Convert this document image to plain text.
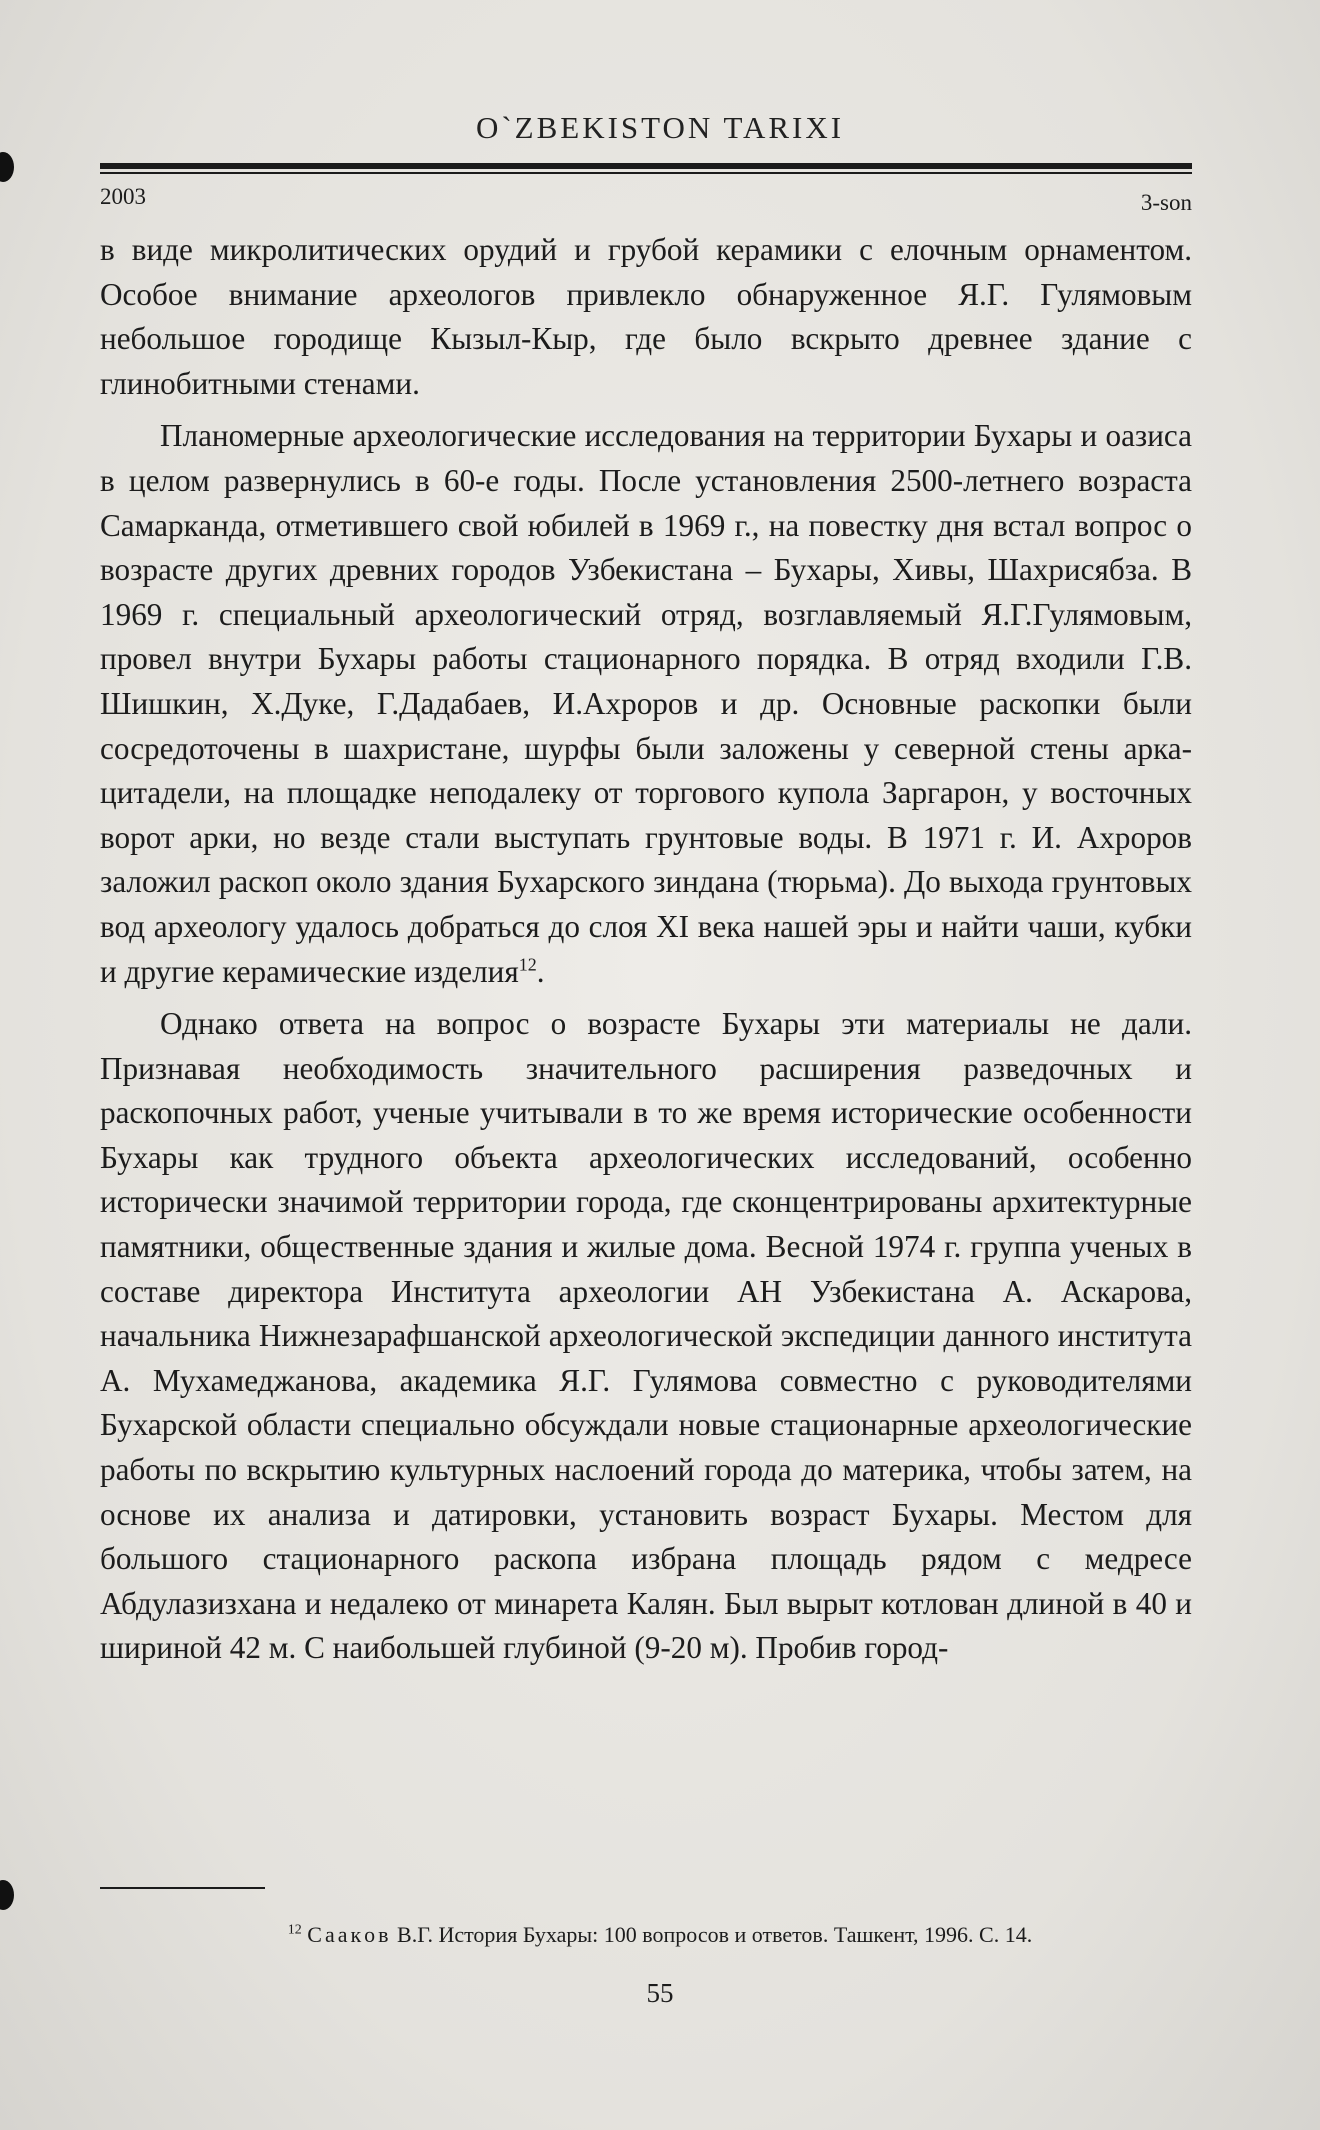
O`ZBEKISTON TARIXI
2003	3-son

в виде микролитических орудий и грубой керамики с елочным орнаментом. Особое внимание археологов привлекло обнаруженное Я.Г. Гулямовым небольшое городище Кызыл-Кыр, где было вскрыто древнее здание с глинобитными стенами.

Планомерные археологические исследования на территории Бухары и оазиса в целом развернулись в 60-е годы. После установления 2500-летнего возраста Самарканда, отметившего свой юбилей в 1969 г., на повестку дня встал вопрос о возрасте других древних городов Узбекистана – Бухары, Хивы, Шахрисябза. В 1969 г. специальный археологический отряд, возглавляемый Я.Г.Гулямовым, провел внутри Бухары работы стационарного порядка. В отряд входили Г.В. Шишкин, Х.Дуке, Г.Дадабаев, И.Ахроров и др. Основные раскопки были сосредоточены в шахристане, шурфы были заложены у северной стены арка-цитадели, на площадке неподалеку от торгового купола Заргарон, у восточных ворот арки, но везде стали выступать грунтовые воды. В 1971 г. И. Ахроров заложил раскоп около здания Бухарского зиндана (тюрьма). До выхода грунтовых вод археологу удалось добраться до слоя XI века нашей эры и найти чаши, кубки и другие керамические изделия$^{12}$.

Однако ответа на вопрос о возрасте Бухары эти материалы не дали. Признавая необходимость значительного расширения разведочных и раскопочных работ, ученые учитывали в то же время исторические особенности Бухары как трудного объекта археологических исследований, особенно исторически значимой территории города, где сконцентрированы архитектурные памятники, общественные здания и жилые дома. Весной 1974 г. группа ученых в составе директора Института археологии АН Узбекистана А. Аскарова, начальника Нижнезарафшанской археологической экспедиции данного института А. Мухамеджанова, академика Я.Г. Гулямова совместно с руководителями Бухарской области специально обсуждали новые стационарные археологические работы по вскрытию культурных наслоений города до материка, чтобы затем, на основе их анализа и датировки, установить возраст Бухары. Местом для большого стационарного раскопа избрана площадь рядом с медресе Абдулазизхана и недалеко от минарета Калян. Был вырыт котлован длиной в 40 и шириной 42 м. С наибольшей глубиной (9-20 м). Пробив город-

$^{12}$ Саакoв В.Г. История Бухары: 100 вопросов и ответов. Ташкент, 1996. С. 14.
55
